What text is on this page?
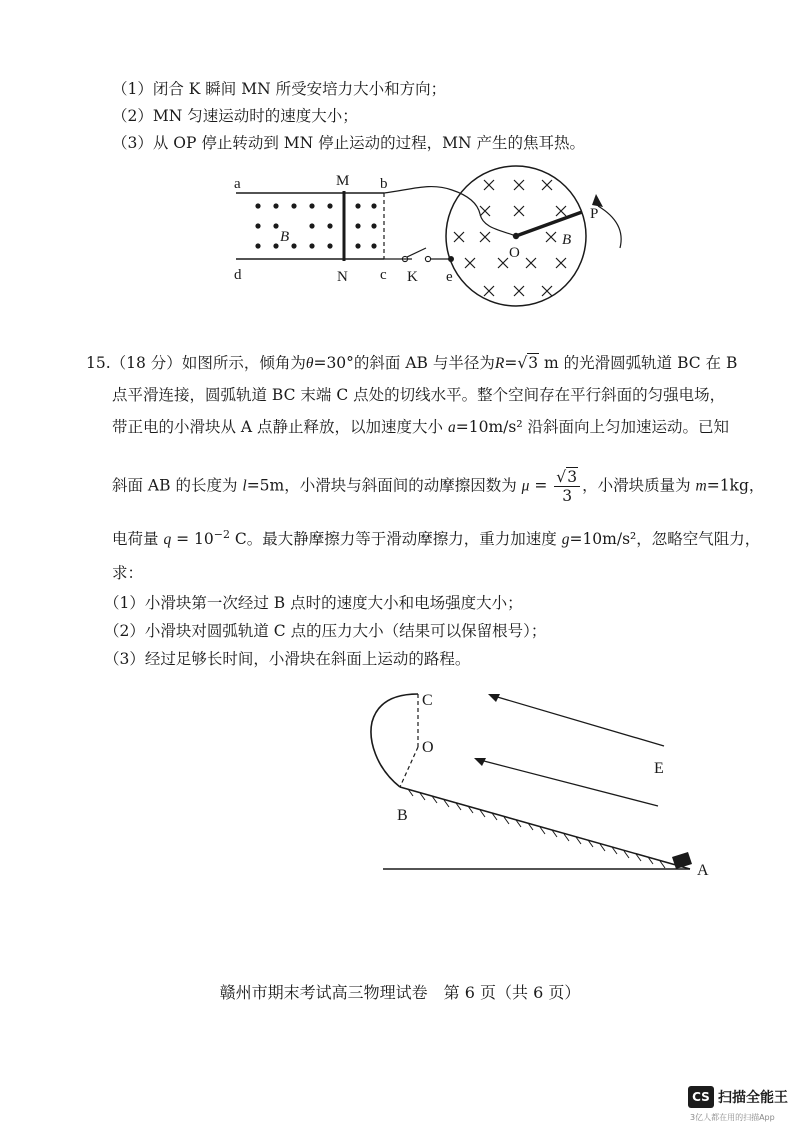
（1）闭合 K 瞬间 MN 所受安培力大小和方向；
（2）MN 匀速运动时的速度大小；
（3）从 OP 停止转动到 MN 停止运动的过程，MN 产生的焦耳热。
a	M b
B
d	N c K e
O
P
B
15.（18 分）如图所示，倾角为θ=30°的斜面 AB 与半径为R=√3 m 的光滑圆弧轨道 BC 在 B
点平滑连接，圆弧轨道 BC 末端 C 点处的切线水平。整个空间存在平行斜面的匀强电场，
带正电的小滑块从 A 点静止释放，以加速度大小 a=10m/s² 沿斜面向上匀加速运动。已知
斜面 AB 的长度为 l=5m，小滑块与斜面间的动摩擦因数为 $\mu = \frac{√3}{3}$ ，小滑块质量为 m=1kg，
电荷量 $q = 10^{-2}$ C。最大静摩擦力等于滑动摩擦力，重力加速度 g=10m/s²，忽略空气阻力，
求：
（1）小滑块第一次经过 B 点时的速度大小和电场强度大小；
（2）小滑块对圆弧轨道 C 点的压力大小（结果可以保留根号）；
（3）经过足够长时间，小滑块在斜面上运动的路程。
C
O
E
B
A
赣州市期末考试高三物理试卷　第 6 页（共 6 页）
CS 扫描全能王
3亿人都在用的扫描App
